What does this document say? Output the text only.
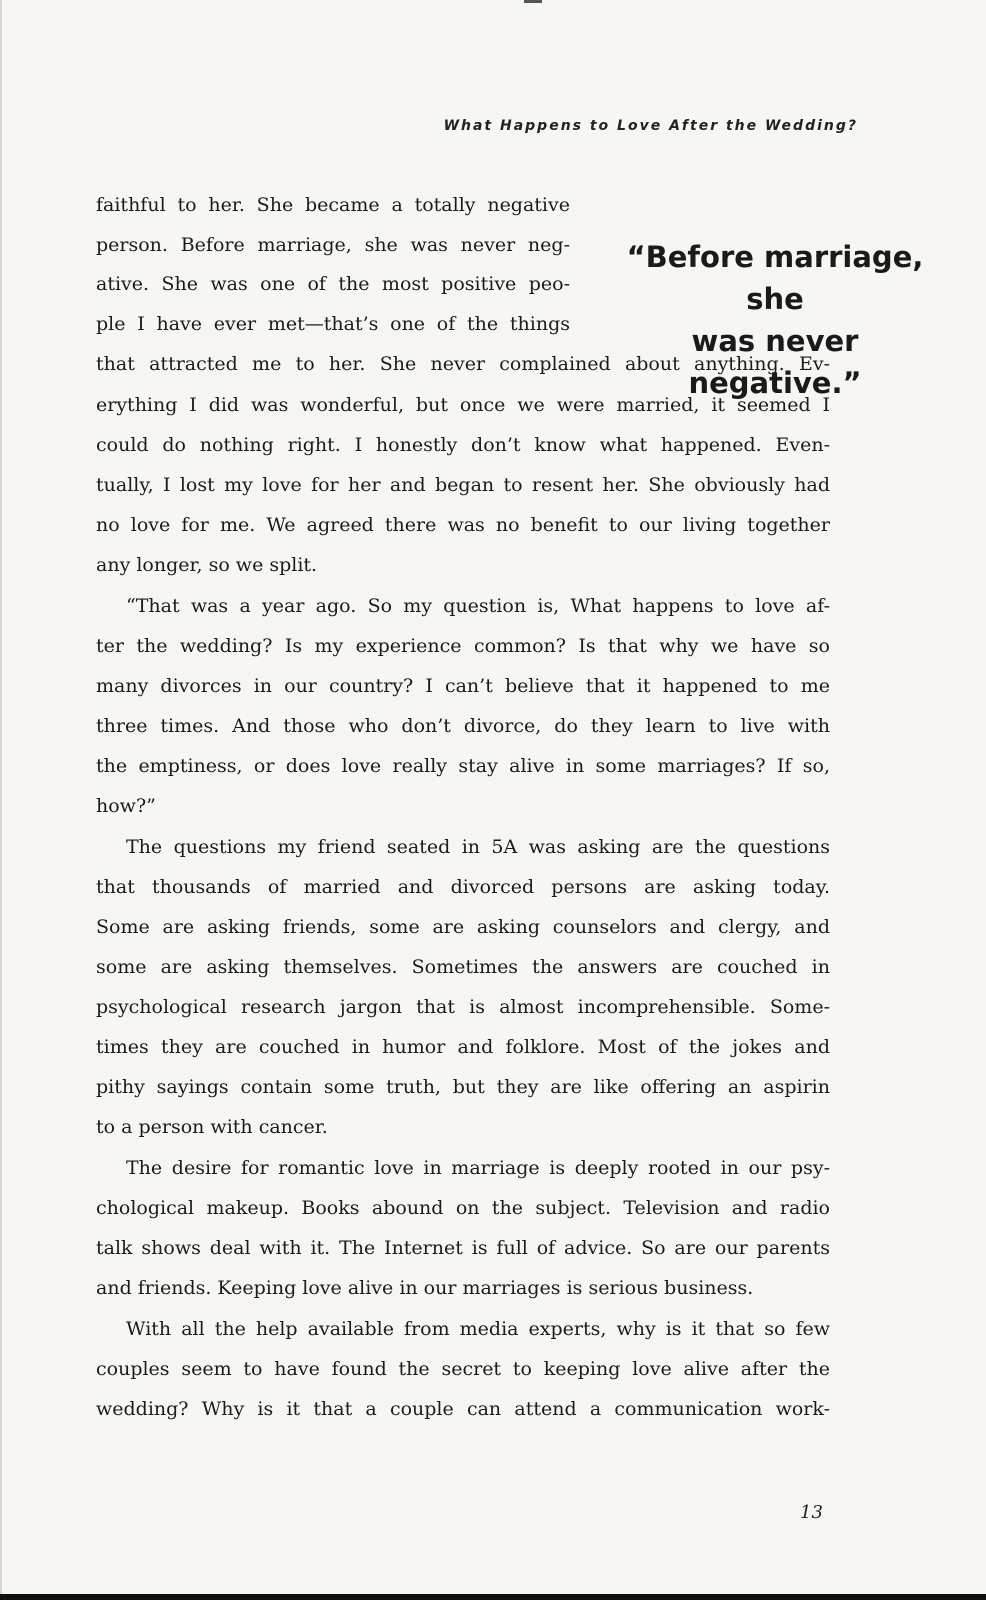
What Happens to Love After the Wedding?
“Before marriage, she
was never negative.”
faithful to her. She became a totally negative
person. Before marriage, she was never neg-
ative. She was one of the most positive peo-
ple I have ever met—that’s one of the things
that attracted me to her. She never complained about anything. Ev-
erything I did was wonderful, but once we were married, it seemed I
could do nothing right. I honestly don’t know what happened. Even-
tually, I lost my love for her and began to resent her. She obviously had
no love for me. We agreed there was no benefit to our living together
any longer, so we split.
“That was a year ago. So my question is, What happens to love af-
ter the wedding? Is my experience common? Is that why we have so
many divorces in our country? I can’t believe that it happened to me
three times. And those who don’t divorce, do they learn to live with
the emptiness, or does love really stay alive in some marriages? If so,
how?”
The questions my friend seated in 5A was asking are the questions
that thousands of married and divorced persons are asking today.
Some are asking friends, some are asking counselors and clergy, and
some are asking themselves. Sometimes the answers are couched in
psychological research jargon that is almost incomprehensible. Some-
times they are couched in humor and folklore. Most of the jokes and
pithy sayings contain some truth, but they are like offering an aspirin
to a person with cancer.
The desire for romantic love in marriage is deeply rooted in our psy-
chological makeup. Books abound on the subject. Television and radio
talk shows deal with it. The Internet is full of advice. So are our parents
and friends. Keeping love alive in our marriages is serious business.
With all the help available from media experts, why is it that so few
couples seem to have found the secret to keeping love alive after the
wedding? Why is it that a couple can attend a communication work-
13
